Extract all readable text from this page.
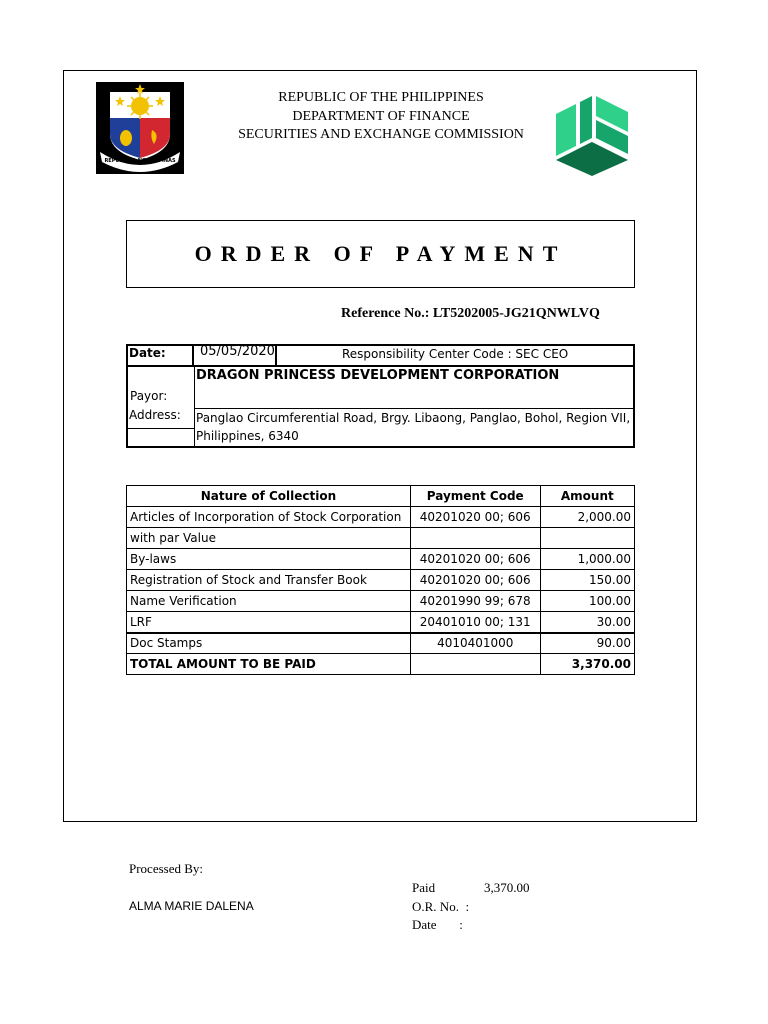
REPUBLIKA NG PILIPINAS
REPUBLIC OF THE PHILIPPINES
DEPARTMENT OF FINANCE
SECURITIES AND EXCHANGE COMMISSION
ORDER OF PAYMENT
Reference No.: LT5202005-JG21QNWLVQ
Date:	05/05/2020	Responsibility Center Code : SEC CEO
DRAGON PRINCESS DEVELOPMENT CORPORATION
Payor:
Address: Panglao Circumferential Road, Brgy. Libaong, Panglao, Bohol, Region VII,
Philippines, 6340
Nature of Collection	Payment Code	Amount
Articles of Incorporation of Stock Corporation	40201020 00; 606	2,000.00
with par Value		
By-laws	40201020 00; 606	1,000.00
Registration of Stock and Transfer Book	40201020 00; 606	150.00
Name Verification	40201990 99; 678	100.00
LRF	20401010 00; 131	30.00
Doc Stamps	4010401000	90.00
TOTAL AMOUNT TO BE PAID		3,370.00
Processed By:
ALMA MARIE DALENA
Paid	3,370.00
O.R. No.  :
Date       :
